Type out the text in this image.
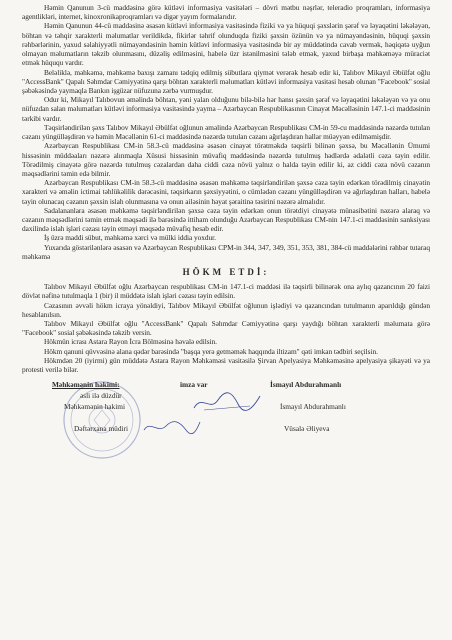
Həmin Qanunun 3-cü maddəsinə görə kütləvi informasiya vasitələri – dövri mətbu nəşrlər, teleradio proqramları, informasiya agentlikləri, internet, kinoxronikaproqramları və digər yayım formalarıdır.

Həmin Qanunun 44-cü maddəsinə əsasən kütləvi informasiya vasitəsində fiziki və ya hüquqi şəxslərin şərəf və ləyaqətini ləkələyən, böhtan və təhqir xarakterli məlumatlar verildikdə, fikirlər təhrif olunduqda fiziki şəxsin özünün və ya nümayəndəsinin, hüquqi şəxsin rəhbərlərinin, yaxud səlahiyyətli nümayəndəsinin həmin kütləvi informasiya vasitəsində bir ay müddətində cavab vermək, həqiqətə uyğun olmayan məlumatların təkzib olunmasını, düzəliş edilməsini, habelə üzr istənilməsini tələb etmək, yaxud birbaşa məhkəməyə müraciət etmək hüququ vardır.

Beləliklə, məhkəmə, məhkəmə baxışı zamanı tədqiq edilmiş sübutlara qiymət verərək hesab edir ki, Talıbov Mikayıl Əbülfət oğlu "AccessBank" Qapalı Səhmdar Cəmiyyətinə qarşı böhtan xarakterli məlumatları kütləvi informasiya vasitəsi hesab olunan "Facebook" sosial şəbəkəsində yaymaqla Bankın işgüzar nüfuzuna zərbə vurmuşdur.

Odur ki, Mikayıl Talıbovun əməlində böhtan, yəni yalan olduğunu bilə-bilə hər hansı şəxsin şərəf və ləyaqətini ləkələyən və ya onu nüfuzdan salan məlumatları kütləvi informasiya vasitəsində yayma – Azərbaycan Respublikasının Cinayət Məcəlləsinin 147.1-ci maddəsinin tərkibi vardır.

Təqsirləndirilən şəxs Talıbov Mikayıl Əbülfət oğlunun əməlində Azərbaycan Respublikası CM-in 59-cu maddəsində nəzərdə tutulan cəzanı yüngülləşdirən və həmin Məcəllənin 61-ci maddəsində nəzərdə tutulan cəzanı ağırlaşdıran hallar müəyyən edilməmişdir.

Azərbaycan Respublikası CM-in 58.3-cü maddəsinə əsasən cinayət törətməkdə təqsirli bilinən şəxsə, bu Məcəllənin Ümumi hissəsinin müddəaları nəzərə alınmaqla Xüsusi hissəsinin müvafiq maddəsində nəzərdə tutulmuş hədlərdə ədalətli cəza təyin edilir. Törədilmiş cinayətə görə nəzərdə tutulmuş cəzalardan daha ciddi cəza növü yalnız o halda təyin edilir ki, az ciddi cəza növü cəzanın məqsədlərini təmin edə bilmir.

Azərbaycan Respublikası CM-in 58.3-cü maddəsinə əsasən məhkəmə təqsirləndirilən şəxsə cəza təyin edərkən törədilmiş cinayətin xarakteri və əməlin ictimai təhlükəlilik dərəcəsini, təqsirkarın şəxsiyyətini, o cümlədən cəzanı yüngülləşdirən və ağırlaşdıran halları, habelə təyin olunacaq cəzanın şəxsin islah olunmasına və onun ailəsinin həyat şəraitinə təsirini nəzərə almalıdır.

Sadalananlara əsasən məhkəmə təqsirləndirilən şəxsə cəza təyin edərkən onun törətdiyi cinayətə münasibətini nəzərə alaraq və cəzanın məqsədlərini təmin etmək məqsədi ilə barəsində ittiham olunduğu Azərbaycan Respublikası CM-nin 147.1-ci maddəsinin sanksiyası daxilində islah işləri cəzası təyin etməyi məqsədə müvafiq hesab edir.

İş üzrə maddi sübut, məhkəmə xərci və mülki iddia yoxdur.

Yuxarıda göstərilənlərə əsasən və Azərbaycan Respublikası CPM-in 344, 347, 349, 351, 353, 381, 384-cü maddələrini rəhbər tutaraq məhkəmə

HÖKM ETDİ:

Talıbov Mikayıl Əbülfət oğlu Azərbaycan respublikası CM-in 147.1-ci maddəsi ilə təqsirli bilinərək ona aylıq qazancının 20 faizi dövlət nəfinə tutulmaqla 1 (bir) il müddətə islah işləri cəzası təyin edilsin.

Cəzasının əvvəli hökm icraya yönəldiyi, Talıbov Mikayıl Əbülfət oğlunun işlədiyi və qazancından tutulmanın aparıldığı gündən hesablanılsın.

Talıbov Mikayıl Əbülfət oğlu "AccessBank" Qapalı Səhmdar Cəmiyyətinə qarşı yaydığı böhtan xarakterli məlumata görə "Facebook" sosial şəbəkəsində təkzib versin.

Hökmün icrası Astara Rayon İcra Bölməsinə həvalə edilsin.

Hökm qanuni qüvvəsinə alana qədər barəsində "başqa yerə getməmək haqqında iltizam" qəti imkan tədbiri seçilsin.

Hökmdən 20 (iyirmi) gün müddətə Astara Rayon Məhkəməsi vasitəsilə Şirvan Apelyasiya Məhkəməsinə apelyasiya şikayəti və ya protesti verilə bilər.

Məhkəmənin hakimi:	imza var	İsmayıl Abdurahmanlı
əsli ilə düzdür
Məhkəmənin hakimi	İsmayıl Abdurahmanlı
Dəftərxana müdiri	Vüsalə Əliyeva
